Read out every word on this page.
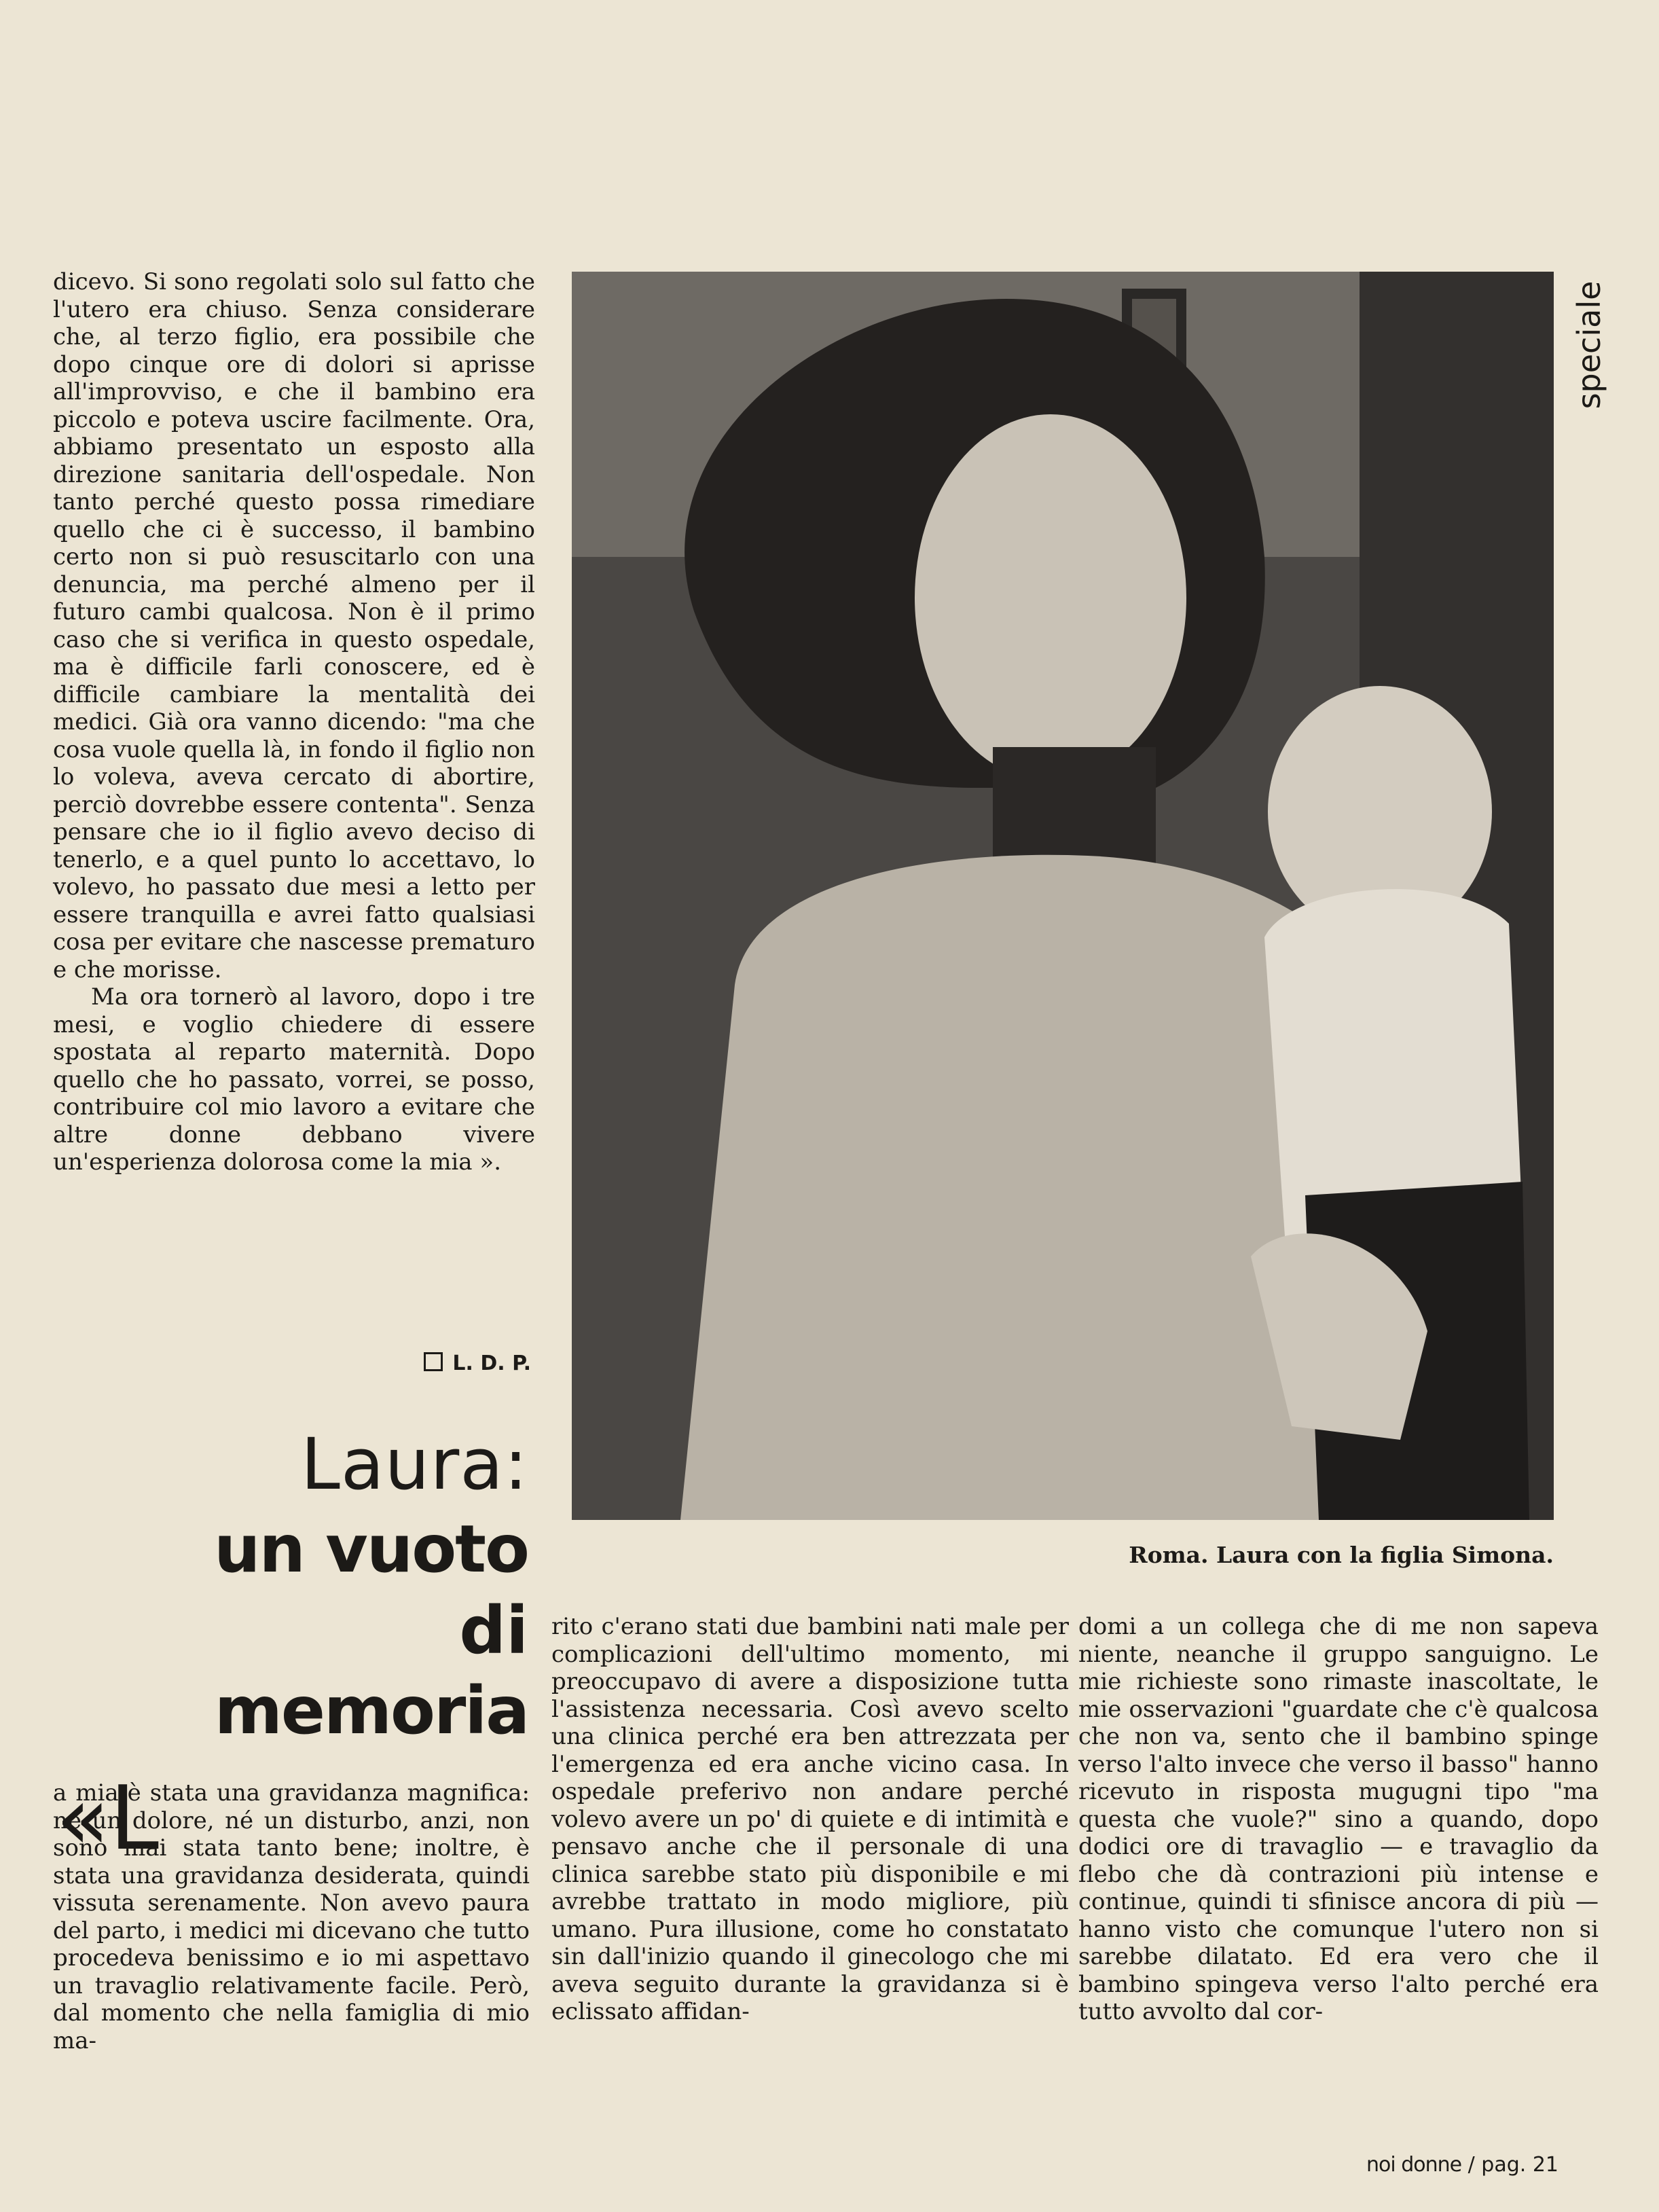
speciale

dicevo. Si sono regolati solo sul fatto che l'utero era chiuso. Senza considerare che, al terzo figlio, era possibile che dopo cinque ore di dolori si aprisse all'improvviso, e che il bambino era piccolo e poteva uscire facilmente. Ora, abbiamo presentato un esposto alla direzione sanitaria dell'ospedale. Non tanto perché questo possa rimediare quello che ci è successo, il bambino certo non si può resuscitarlo con una denuncia, ma perché almeno per il futuro cambi qualcosa. Non è il primo caso che si verifica in questo ospedale, ma è difficile farli conoscere, ed è difficile cambiare la mentalità dei medici. Già ora vanno dicendo: "ma che cosa vuole quella là, in fondo il figlio non lo voleva, aveva cercato di abortire, perciò dovrebbe essere contenta". Senza pensare che io il figlio avevo deciso di tenerlo, e a quel punto lo accettavo, lo volevo, ho passato due mesi a letto per essere tranquilla e avrei fatto qualsiasi cosa per evitare che nascesse prematuro e che morisse.

Ma ora tornerò al lavoro, dopo i tre mesi, e voglio chiedere di essere spostata al reparto maternità. Dopo quello che ho passato, vorrei, se posso, contribuire col mio lavoro a evitare che altre donne debbano vivere un'esperienza dolorosa come la mia ».

L. D. P.
Laura:
un vuoto
di
memoria
«L

a mia è stata una gravidanza magnifica: né un dolore, né un disturbo, anzi, non sono mai stata tanto bene; inoltre, è stata una gravidanza desiderata, quindi vissuta serenamente. Non avevo paura del parto, i medici mi dicevano che tutto procedeva benissimo e io mi aspettavo un travaglio relativamente facile. Però, dal momento che nella famiglia di mio ma-

Roma. Laura con la figlia Simona.

rito c'erano stati due bambini nati male per complicazioni dell'ultimo momento, mi preoccupavo di avere a disposizione tutta l'assistenza necessaria. Così avevo scelto una clinica perché era ben attrezzata per l'emergenza ed era anche vicino casa. In ospedale preferivo non andare perché volevo avere un po' di quiete e di intimità e pensavo anche che il personale di una clinica sarebbe stato più disponibile e mi avrebbe trattato in modo migliore, più umano. Pura illusione, come ho constatato sin dall'inizio quando il ginecologo che mi aveva seguito durante la gravidanza si è eclissato affidan-

domi a un collega che di me non sapeva niente, neanche il gruppo sanguigno. Le mie richieste sono rimaste inascoltate, le mie osservazioni "guardate che c'è qualcosa che non va, sento che il bambino spinge verso l'alto invece che verso il basso" hanno ricevuto in risposta mugugni tipo "ma questa che vuole?" sino a quando, dopo dodici ore di travaglio — e travaglio da flebo che dà contrazioni più intense e continue, quindi ti sfinisce ancora di più — hanno visto che comunque l'utero non si sarebbe dilatato. Ed era vero che il bambino spingeva verso l'alto perché era tutto avvolto dal cor-

noi donne / pag. 21
